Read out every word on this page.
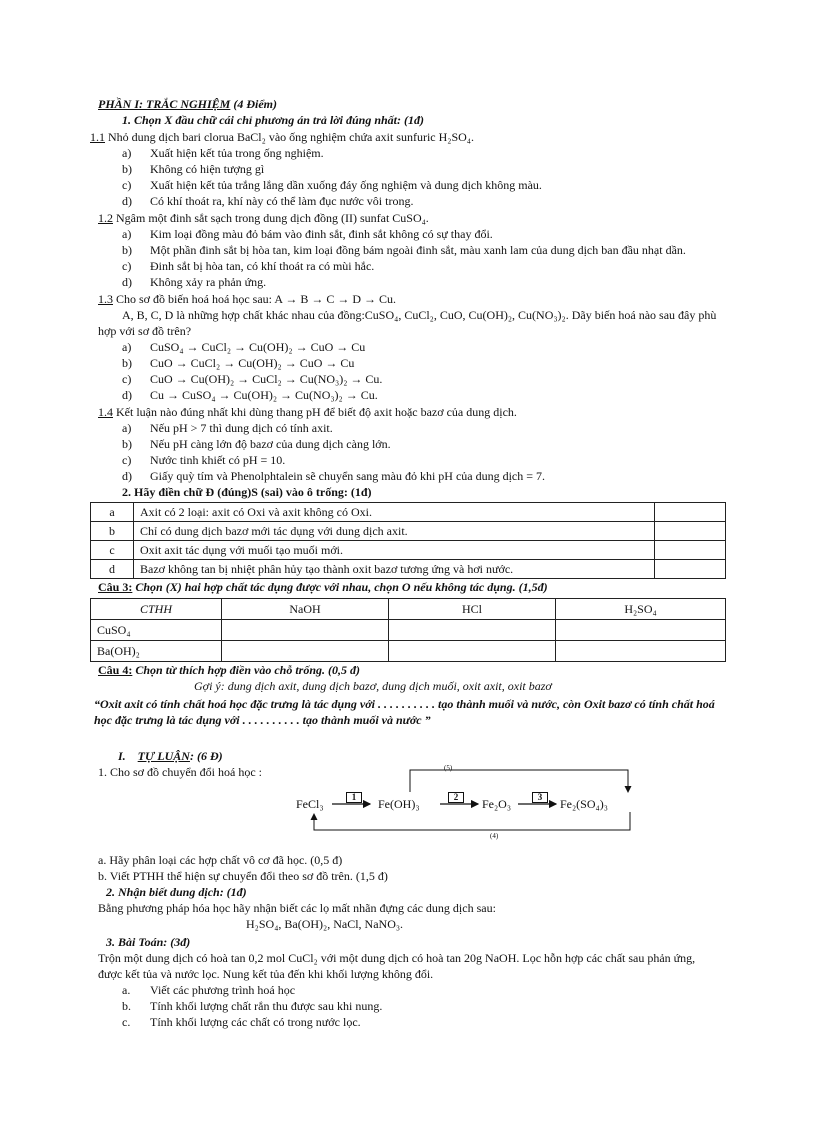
PHẦN I: TRẮC NGHIỆM (4 Điểm)
1. Chọn X đầu chữ cái chỉ phương án trả lời đúng nhất: (1đ)
1.1 Nhỏ dung dịch bari clorua BaCl₂ vào ống nghiệm chứa axit sunfuric H₂SO₄.
a)	Xuất hiện kết tủa trong ống nghiệm.
b)	Không có hiện tượng gì
c)	Xuất hiện kết tủa trắng lắng dần xuống đáy ống nghiệm và dung dịch không màu.
d)	Có khí thoát ra, khí này có thể làm đục nước vôi trong.
1.2 Ngâm một đinh sắt sạch trong dung dịch đồng (II) sunfat CuSO₄.
a)	Kim loại đồng màu đỏ bám vào đinh sắt, đinh sắt không có sự thay đổi.
b)	Một phần đinh sắt bị hòa tan, kim loại đồng bám ngoài đinh sắt, màu xanh lam của dung dịch ban đầu nhạt dần.
c)	Đinh sắt bị hòa tan, có khí thoát ra có mùi hắc.
d)	Không xảy ra phản ứng.
1.3 Cho sơ đồ biến hoá hoá học sau: A → B → C → D → Cu.
A, B, C, D là những hợp chất khác nhau của đồng:CuSO₄, CuCl₂, CuO, Cu(OH)₂, Cu(NO₃)₂. Dãy biến hoá nào sau đây phù hợp với sơ đồ trên?
a)	CuSO₄ → CuCl₂ → Cu(OH)₂ → CuO → Cu
b)	CuO → CuCl₂ → Cu(OH)₂ → CuO → Cu
c)	CuO → Cu(OH)₂ → CuCl₂ → Cu(NO₃)₂ → Cu.
d)	Cu → CuSO₄ → Cu(OH)₂ → Cu(NO₃)₂ → Cu.
1.4 Kết luận nào đúng nhất khi dùng thang pH để biết độ axit hoặc bazơ của dung dịch.
a)	Nếu pH > 7 thì dung dịch có tính axit.
b)	Nếu pH càng lớn độ bazơ của dung dịch càng lớn.
c)	Nước tinh khiết có pH = 10.
d)	Giấy quỳ tím và Phenolphtalein sẽ chuyển sang màu đỏ khi pH của dung dịch = 7.
2. Hãy điền chữ Đ (đúng)S (sai) vào ô trống: (1đ)
a	Axit có 2 loại: axit có Oxi và axit không có Oxi.	
b	Chỉ có dung dịch bazơ mới tác dụng với dung dịch axit.	
c	Oxit axit tác dụng với muối tạo muối mới.	
d	Bazơ không tan bị nhiệt phân hủy tạo thành oxit bazơ tương ứng và hơi nước.	
Câu 3: Chọn (X) hai hợp chất tác dụng được với nhau, chọn O nếu không tác dụng. (1,5đ)
CTHH	NaOH	HCl	H₂SO₄
CuSO₄			
Ba(OH)₂			
Câu 4: Chọn từ thích hợp điền vào chỗ trống. (0,5 đ)
Gợi ý: dung dịch axit, dung dịch bazơ, dung dịch muối, oxit axit, oxit bazơ
“Oxit axit có tính chất hoá học đặc trưng là tác dụng với . . . . . . . . . . tạo thành muối và nước, còn Oxit bazơ có tính chất hoá học đặc trưng là tác dụng với . . . . . . . . . . tạo thành muối và nước ”
I. TỰ LUẬN: (6 Đ)
1. Cho sơ đồ chuyển đổi hoá học :
FeCl₃	Fe(OH)₃	Fe₂O₃	Fe₂(SO₄)₃
1	2	3
(4)
(5)
a. Hãy phân loại các hợp chất vô cơ đã học. (0,5 đ)
b. Viết PTHH thể hiện sự chuyển đổi theo sơ đồ trên. (1,5 đ)
2. Nhận biết dung dịch: (1đ)
Bằng phương pháp hóa học hãy nhận biết các lọ mất nhãn đựng các dung dịch sau:
H₂SO₄, Ba(OH)₂, NaCl, NaNO₃.
3. Bài Toán: (3đ)
Trộn một dung dịch có hoà tan 0,2 mol CuCl₂ với một dung dịch có hoà tan 20g NaOH. Lọc hỗn hợp các chất sau phản ứng, được kết tủa và nước lọc. Nung kết tủa đến khi khối lượng không đổi.
a.	Viết các phương trình hoá học
b.	Tính khối lượng chất rắn thu được sau khi nung.
c.	Tính khối lượng các chất có trong nước lọc.
